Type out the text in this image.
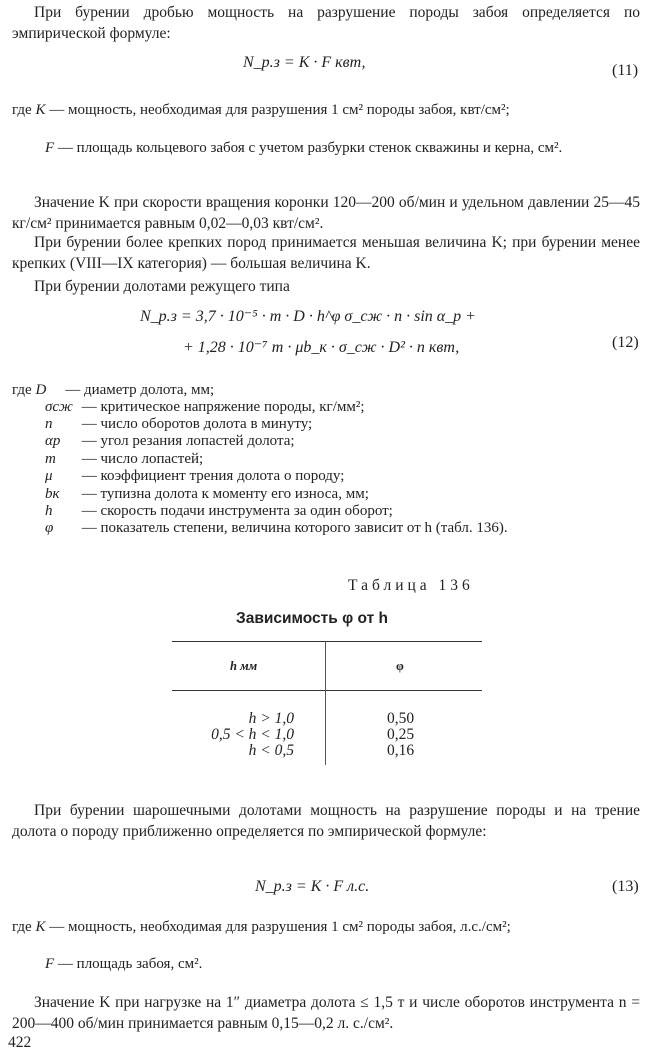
При бурении дробью мощность на разрушение породы забоя определяется по эмпирической формуле:

N_р.з = K · F квт,	(11)
где K — мощность, необходимая для разрушения 1 см² породы забоя, квт/см²;
F — площадь кольцевого забоя с учетом разбурки стенок скважины и керна, см².

Значение K при скорости вращения коронки 120—200 об/мин и удельном давлении 25—45 кг/см² принимается равным 0,02—0,03 квт/см².

При бурении более крепких пород принимается меньшая величина K; при бурении менее крепких (VIII—IX категория) — большая величина K.

При бурении долотами режущего типа

N_р.з = 3,7 · 10⁻⁵ · m · D · h^φ σ_сж · n · sin α_р +
+ 1,28 · 10⁻⁷ m · μb_к · σ_сж · D² · n квт,	(12)
где D — диаметр долота, мм;
σсж — критическое напряжение породы, кг/мм²;
n — число оборотов долота в минуту;
αр — угол резания лопастей долота;
m — число лопастей;
μ — коэффициент трения долота о породу;
bк — тупизна долота к моменту его износа, мм;
h — скорость подачи инструмента за один оборот;
φ — показатель степени, величина которого зависит от h (табл. 136).
Таблица 136
Зависимость φ от h
h мм	φ
h > 1,0	0,50
0,5 < h < 1,0	0,25
h < 0,5	0,16

При бурении шарошечными долотами мощность на разрушение породы и на трение долота о породу приближенно определяется по эмпирической формуле:

N_р.з = K · F л.с.	(13)
где K — мощность, необходимая для разрушения 1 см² породы забоя, л.с./см²;
F — площадь забоя, см².

Значение K при нагрузке на 1″ диаметра долота ≤ 1,5 т и числе оборотов инструмента n = 200—400 об/мин принимается равным 0,15—0,2 л. с./см².

422
